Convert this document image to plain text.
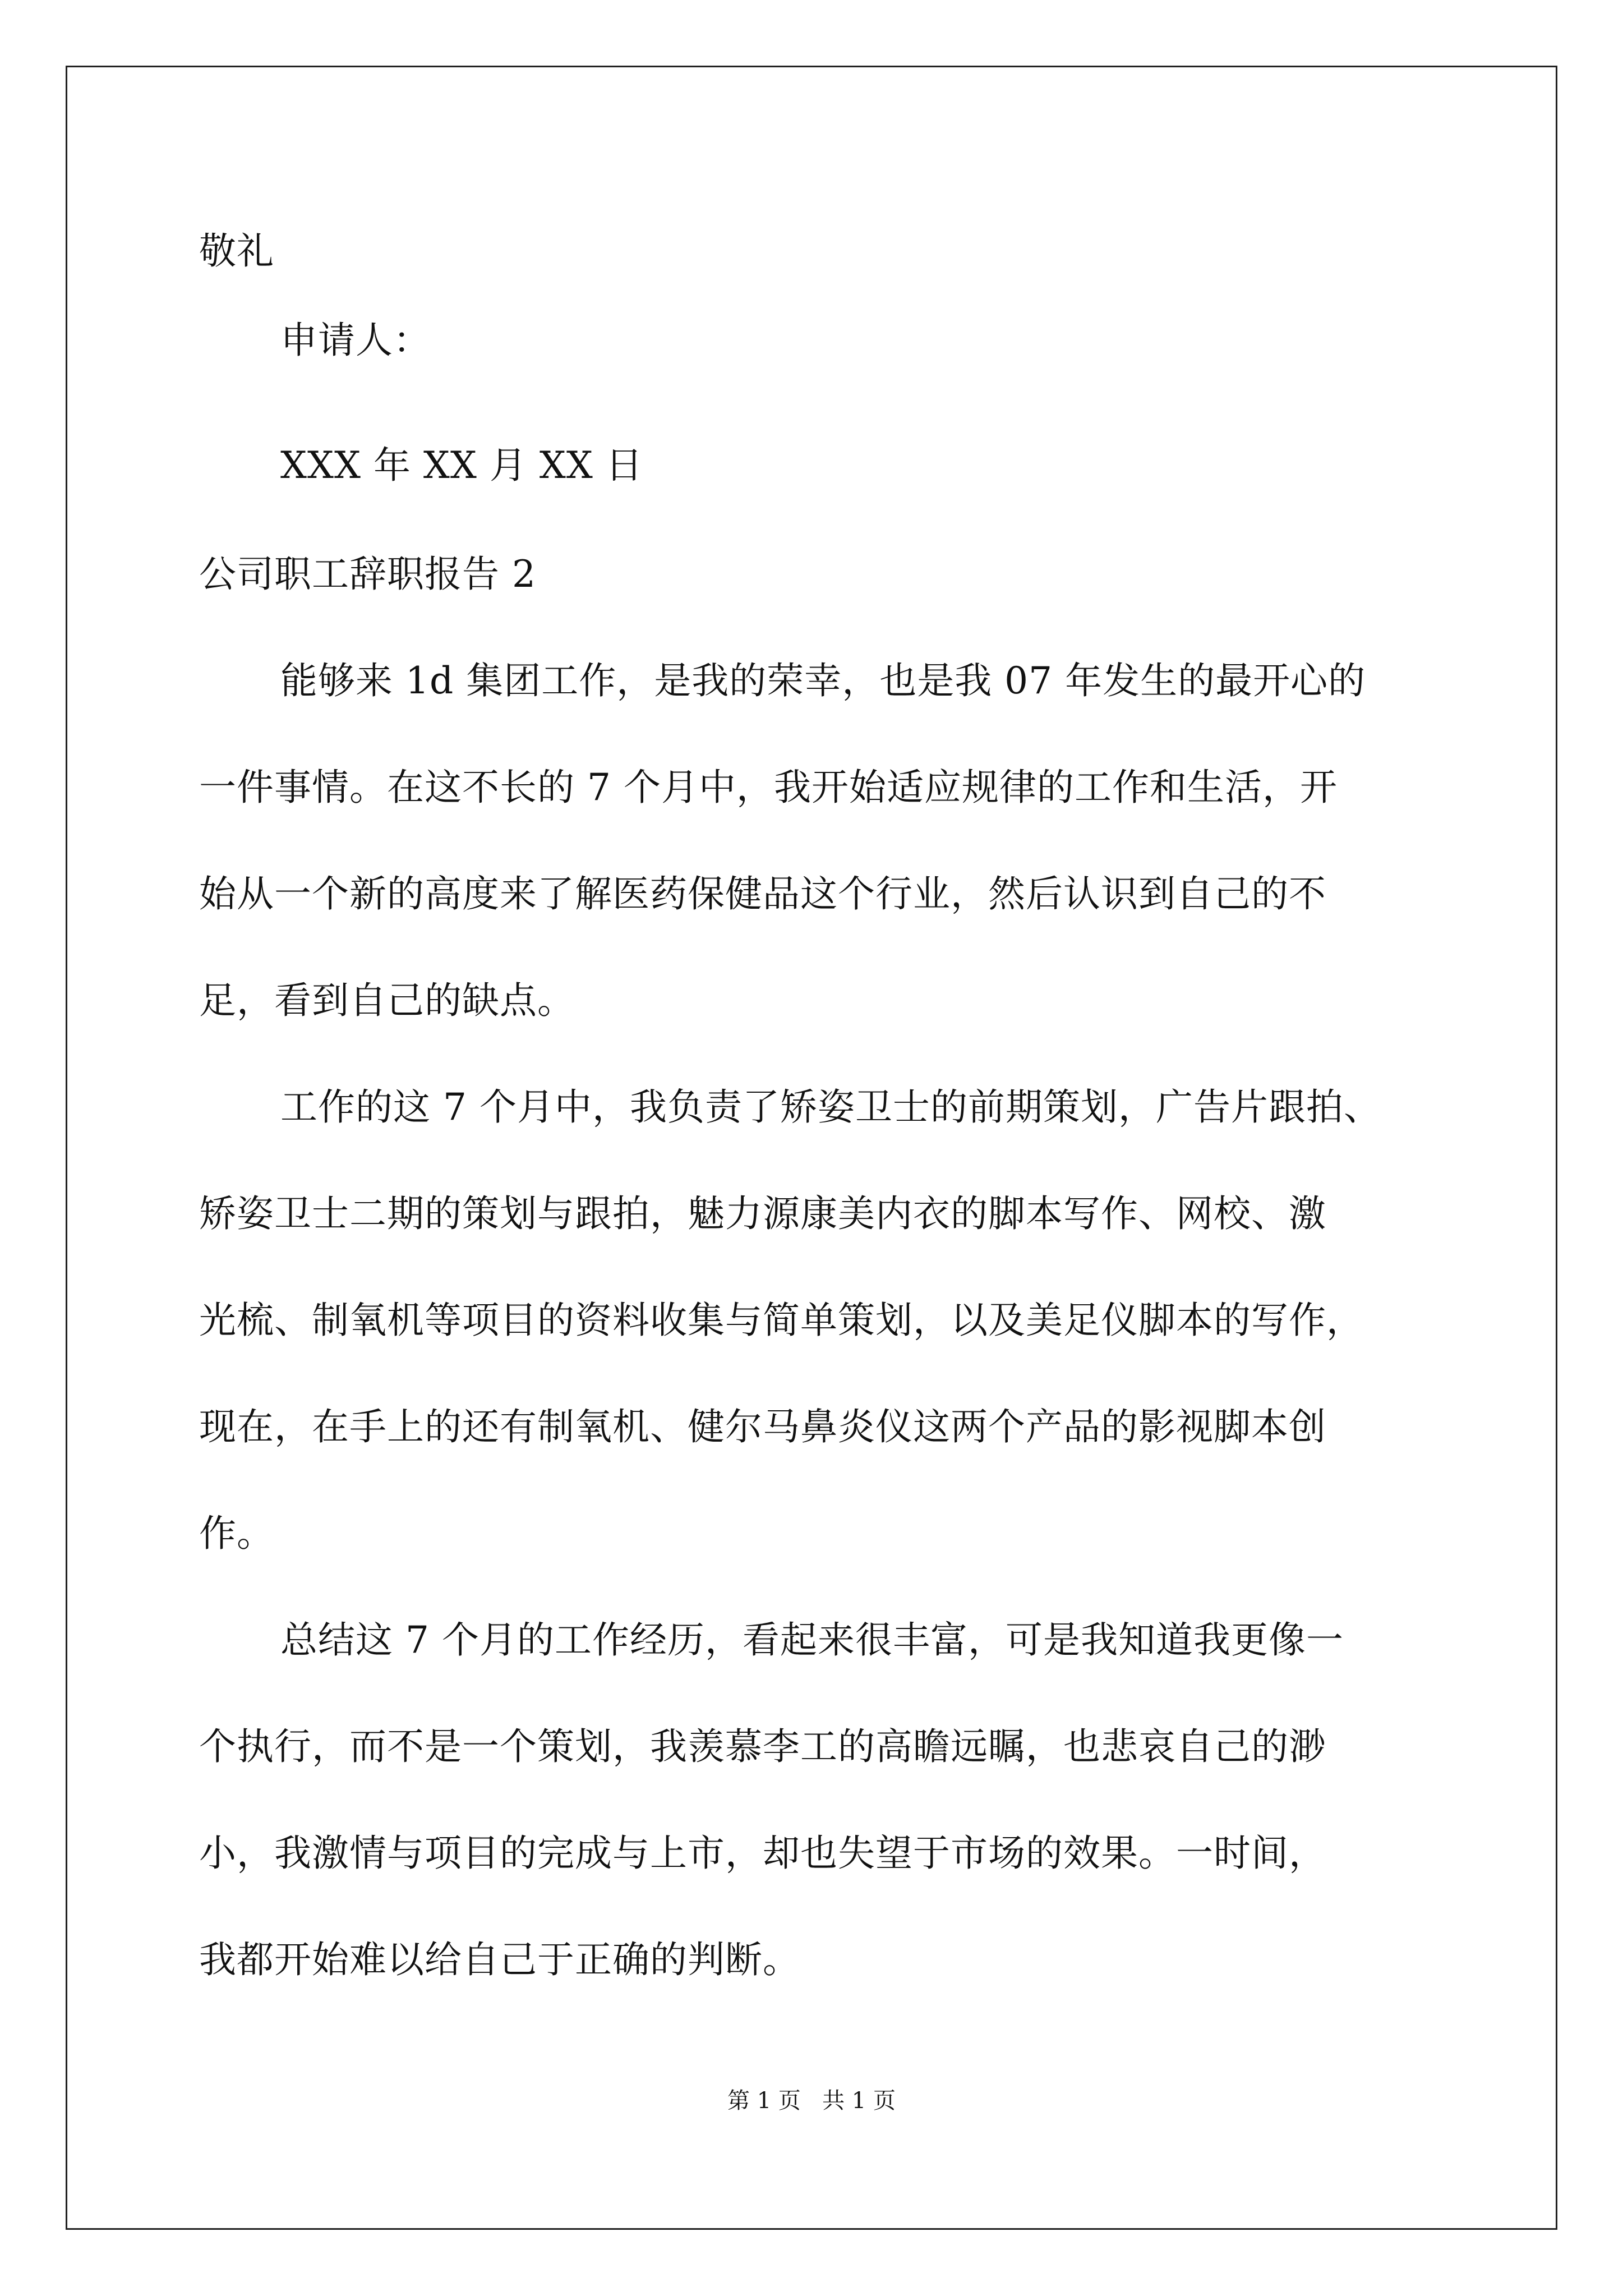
敬礼
申请人：
XXX 年 XX 月 XX 日
公司职工辞职报告 2
能够来 1d 集团工作，是我的荣幸，也是我 07 年发生的最开心的
一件事情。在这不长的 7 个月中，我开始适应规律的工作和生活，开
始从一个新的高度来了解医药保健品这个行业，然后认识到自己的不
足，看到自己的缺点。
工作的这 7 个月中，我负责了矫姿卫士的前期策划，广告片跟拍、
矫姿卫士二期的策划与跟拍，魅力源康美内衣的脚本写作、网校、激
光梳、制氧机等项目的资料收集与简单策划，以及美足仪脚本的写作，
现在，在手上的还有制氧机、健尔马鼻炎仪这两个产品的影视脚本创
作。
总结这 7 个月的工作经历，看起来很丰富，可是我知道我更像一
个执行，而不是一个策划，我羡慕李工的高瞻远瞩，也悲哀自己的渺
小，我激情与项目的完成与上市，却也失望于市场的效果。一时间，
我都开始难以给自己于正确的判断。
第 1 页   共 1 页
